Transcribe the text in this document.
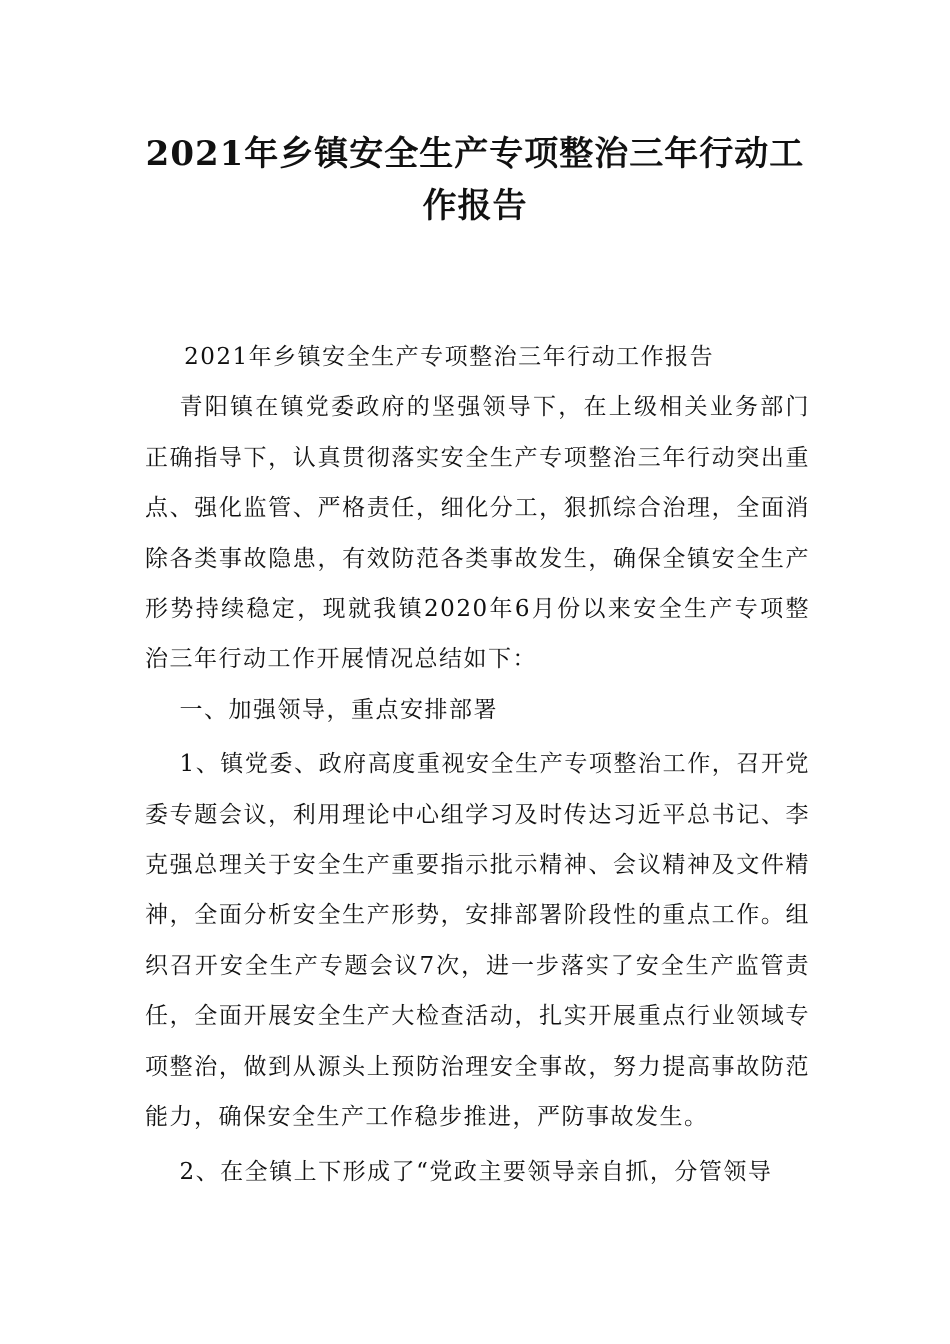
2021年乡镇安全生产专项整治三年行动工作报告

2021年乡镇安全生产专项整治三年行动工作报告

青阳镇在镇党委政府的坚强领导下，在上级相关业务部门正确指导下，认真贯彻落实安全生产专项整治三年行动突出重点、强化监管、严格责任，细化分工，狠抓综合治理，全面消除各类事故隐患，有效防范各类事故发生，确保全镇安全生产形势持续稳定，现就我镇2020年6月份以来安全生产专项整治三年行动工作开展情况总结如下：

一、加强领导，重点安排部署

1、镇党委、政府高度重视安全生产专项整治工作，召开党委专题会议，利用理论中心组学习及时传达习近平总书记、李克强总理关于安全生产重要指示批示精神、会议精神及文件精神，全面分析安全生产形势，安排部署阶段性的重点工作。组织召开安全生产专题会议7次，进一步落实了安全生产监管责任，全面开展安全生产大检查活动，扎实开展重点行业领域专项整治，做到从源头上预防治理安全事故，努力提高事故防范能力，确保安全生产工作稳步推进，严防事故发生。

2、在全镇上下形成了“党政主要领导亲自抓，分管领导
